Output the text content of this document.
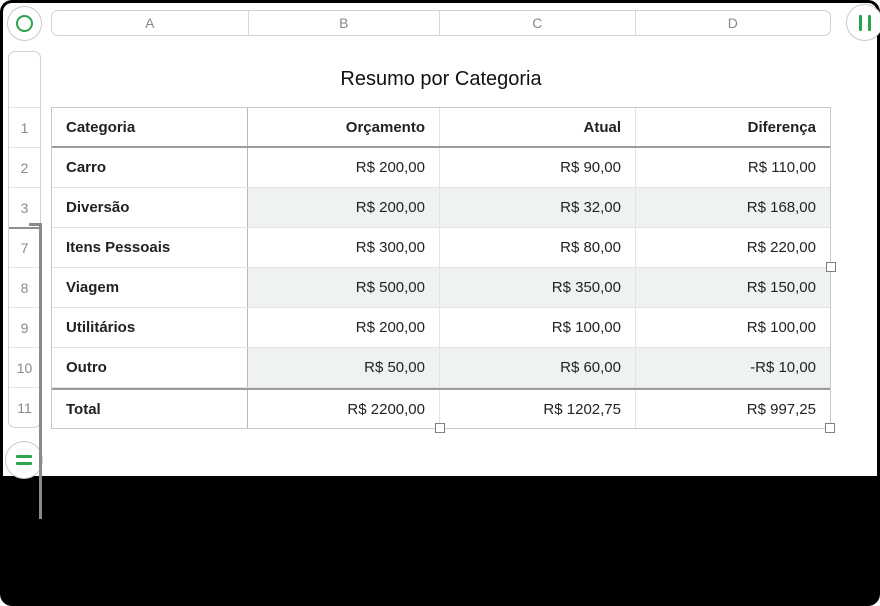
A	B	C	D
1
2
3
7
8
9
10
11
Resumo por Categoria
Categoria	Orçamento	Atual	Diferença
Carro	R$ 200,00	R$ 90,00	R$ 110,00
Diversão	R$ 200,00	R$ 32,00	R$ 168,00
Itens Pessoais	R$ 300,00	R$ 80,00	R$ 220,00
Viagem	R$ 500,00	R$ 350,00	R$ 150,00
Utilitários	R$ 200,00	R$ 100,00	R$ 100,00
Outro	R$ 50,00	R$ 60,00	-R$ 10,00
Total	R$ 2200,00	R$ 1202,75	R$ 997,25
